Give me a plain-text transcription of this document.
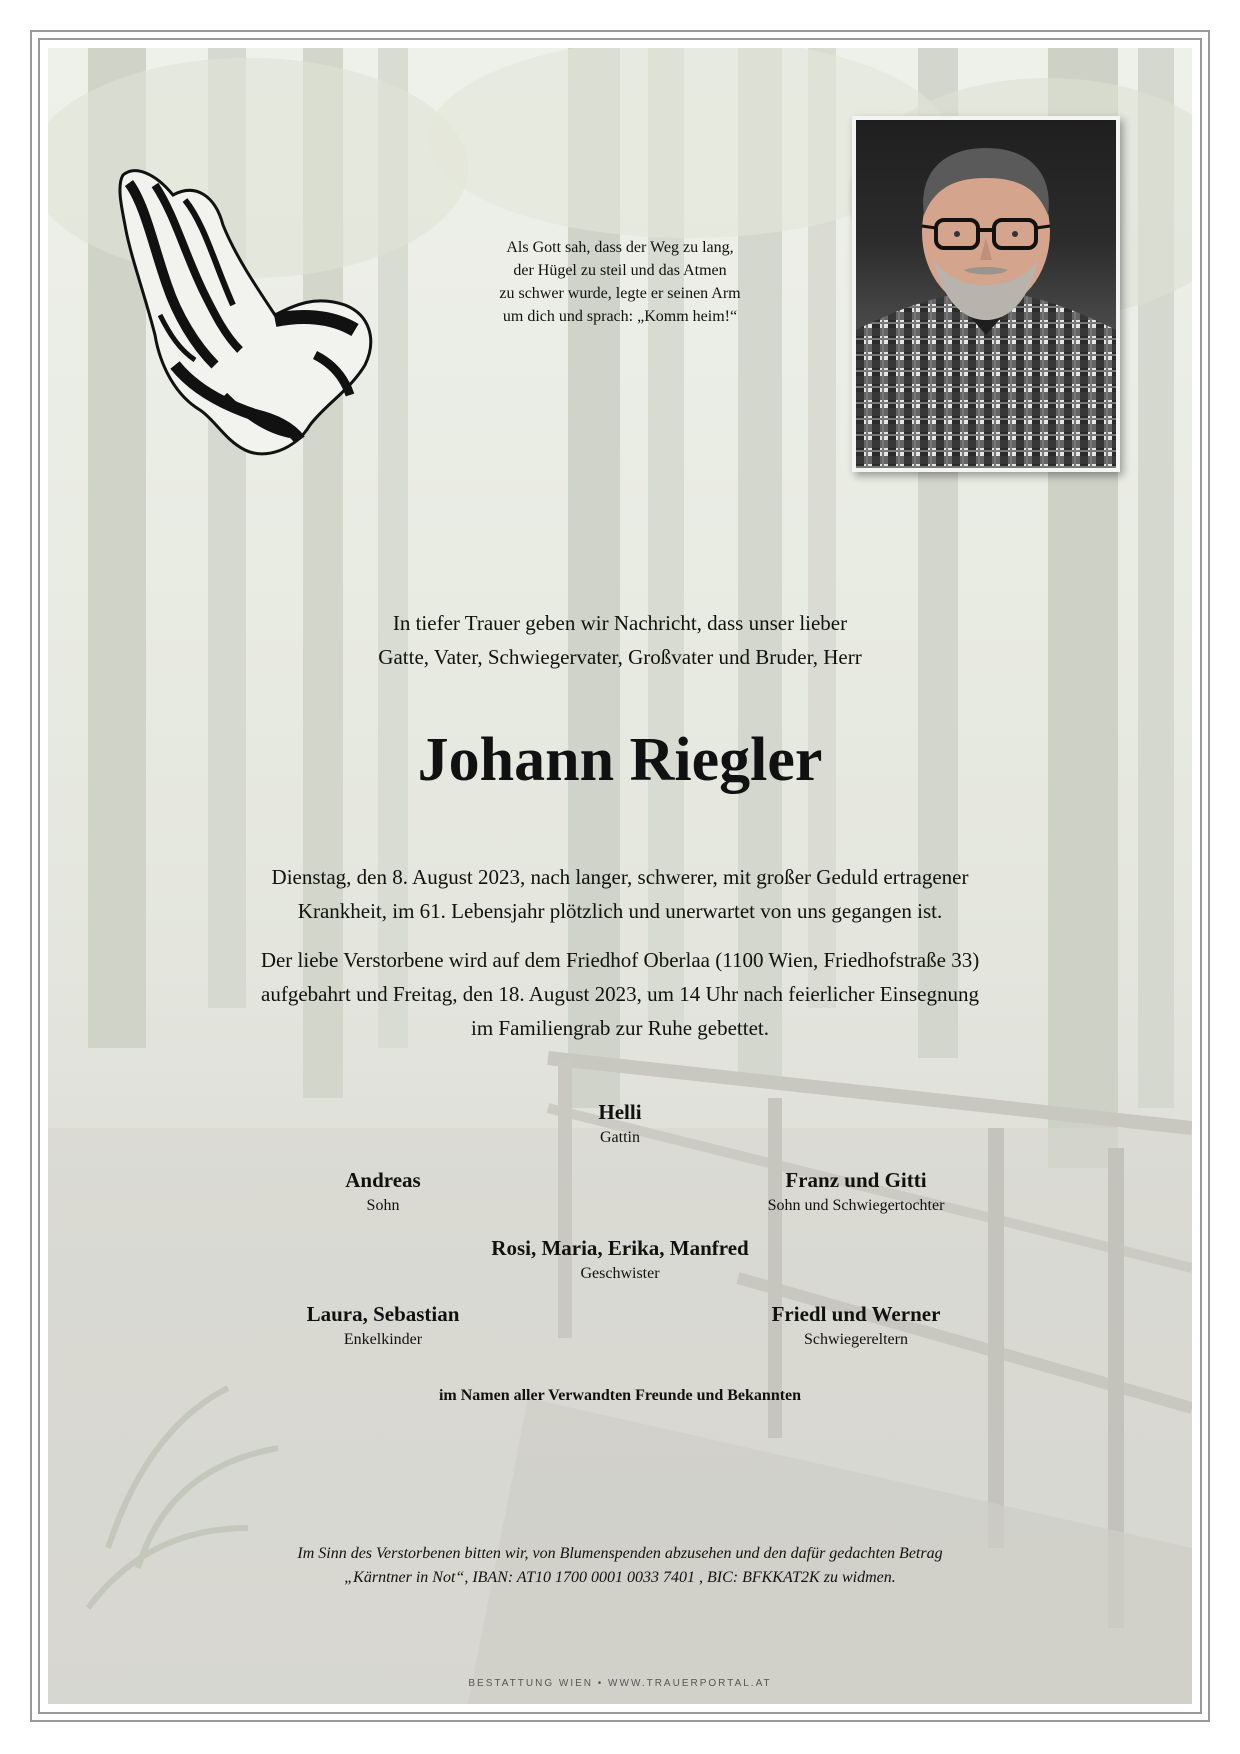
Als Gott sah, dass der Weg zu lang,
der Hügel zu steil und das Atmen
zu schwer wurde, legte er seinen Arm
um dich und sprach: „Komm heim!“
In tiefer Trauer geben wir Nachricht, dass unser lieber
Gatte, Vater, Schwiegervater, Großvater und Bruder, Herr
Johann Riegler
Dienstag, den 8. August 2023, nach langer, schwerer, mit großer Geduld ertragener
Krankheit, im 61. Lebensjahr plötzlich und unerwartet von uns gegangen ist.
Der liebe Verstorbene wird auf dem Friedhof Oberlaa (1100 Wien, Friedhofstraße 33)
aufgebahrt und Freitag, den 18. August 2023, um 14 Uhr nach feierlicher Einsegnung
im Familiengrab zur Ruhe gebettet.
Helli
Gattin
Andreas
Sohn
Franz und Gitti
Sohn und Schwiegertochter
Rosi, Maria, Erika, Manfred
Geschwister
Laura, Sebastian
Enkelkinder
Friedl und Werner
Schwiegereltern
im Namen aller Verwandten Freunde und Bekannten
Im Sinn des Verstorbenen bitten wir, von Blumenspenden abzusehen und den dafür gedachten Betrag
„Kärntner in Not“, IBAN: AT10 1700 0001 0033 7401 , BIC: BFKKAT2K zu widmen.
BESTATTUNG WIEN • WWW.TRAUERPORTAL.AT
